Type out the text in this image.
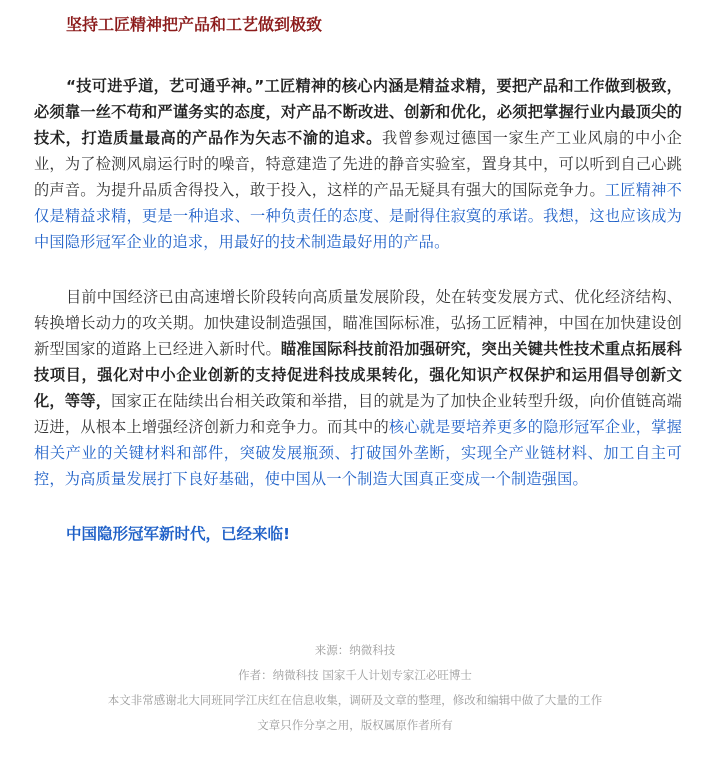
坚持工匠精神把产品和工艺做到极致

“技可进乎道，艺可通乎神。”工匠精神的核心内涵是精益求精，要把产品和工作做到极致，必须靠一丝不苟和严谨务实的态度，对产品不断改进、创新和优化，必须把掌握行业内最顶尖的技术，打造质量最高的产品作为矢志不渝的追求。我曾参观过德国一家生产工业风扇的中小企业，为了检测风扇运行时的噪音，特意建造了先进的静音实验室，置身其中，可以听到自己心跳的声音。为提升品质舍得投入，敢于投入，这样的产品无疑具有强大的国际竞争力。工匠精神不仅是精益求精，更是一种追求、一种负责任的态度、是耐得住寂寞的承诺。我想，这也应该成为中国隐形冠军企业的追求，用最好的技术制造最好用的产品。

目前中国经济已由高速增长阶段转向高质量发展阶段，处在转变发展方式、优化经济结构、转换增长动力的攻关期。加快建设制造强国，瞄准国际标准，弘扬工匠精神，中国在加快建设创新型国家的道路上已经进入新时代。瞄准国际科技前沿加强研究，突出关键共性技术重点拓展科技项目，强化对中小企业创新的支持促进科技成果转化，强化知识产权保护和运用倡导创新文化，等等，国家正在陆续出台相关政策和举措，目的就是为了加快企业转型升级，向价值链高端迈进，从根本上增强经济创新力和竞争力。而其中的核心就是要培养更多的隐形冠军企业，掌握相关产业的关键材料和部件，突破发展瓶颈、打破国外垄断，实现全产业链材料、加工自主可控，为高质量发展打下良好基础，使中国从一个制造大国真正变成一个制造强国。

中国隐形冠军新时代，已经来临!
来源：纳微科技
作者：纳微科技 国家千人计划专家江必旺博士
本文非常感谢北大同班同学江庆红在信息收集，调研及文章的整理，修改和编辑中做了大量的工作
文章只作分享之用，版权属原作者所有
